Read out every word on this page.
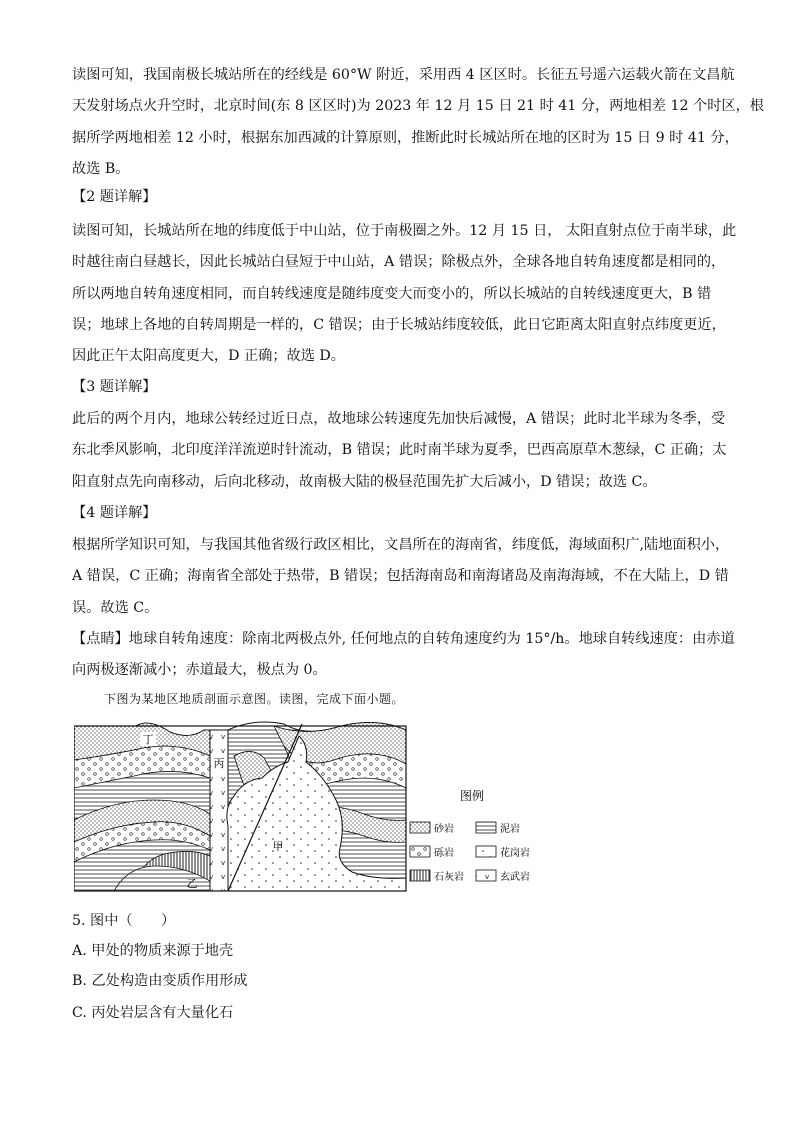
读图可知，我国南极长城站所在的经线是 60°W 附近，采用西 4 区区时。长征五号遥六运载火箭在文昌航
天发射场点火升空时，北京时间(东 8 区区时)为 2023 年 12 月 15 日 21 时 41 分，两地相差 12 个时区，根
据所学两地相差 12 小时，根据东加西减的计算原则，推断此时长城站所在地的区时为 15 日 9 时 41 分，
故选 B。

【2 题详解】

读图可知，长城站所在地的纬度低于中山站，位于南极圈之外。12 月 15 日， 太阳直射点位于南半球，此
时越往南白昼越长，因此长城站白昼短于中山站，A 错误；除极点外，全球各地自转角速度都是相同的，
所以两地自转角速度相同，而自转线速度是随纬度变大而变小的，所以长城站的自转线速度更大，B 错
误；地球上各地的自转周期是一样的，C 错误；由于长城站纬度较低，此日它距离太阳直射点纬度更近，
因此正午太阳高度更大，D 正确；故选 D。

【3 题详解】

此后的两个月内，地球公转经过近日点，故地球公转速度先加快后减慢，A 错误；此时北半球为冬季，受
东北季风影响，北印度洋洋流逆时针流动，B 错误；此时南半球为夏季，巴西高原草木葱绿，C 正确；太
阳直射点先向南移动，后向北移动，故南极大陆的极昼范围先扩大后减小，D 错误；故选 C。

【4 题详解】

根据所学知识可知，与我国其他省级行政区相比，文昌所在的海南省，纬度低，海域面积广,陆地面积小，
A 错误，C 正确；海南省全部处于热带，B 错误；包括海南岛和南海诸岛及南海海域，不在大陆上，D 错
误。故选 C。
【点睛】地球自转角速度：除南北两极点外, 任何地点的自转角速度约为 15°/h。地球自转线速度：由赤道
向两极逐渐减小；赤道最大，极点为 0。

下图为某地区地质剖面示意图。读图，完成下面小题。

丁
丙
甲
乙
图例
砂岩	泥岩
砾岩	花岗岩
石灰岩	玄武岩

5. 图中（　　）

A. 甲处的物质来源于地壳

B. 乙处构造由变质作用形成

C. 丙处岩层含有大量化石
